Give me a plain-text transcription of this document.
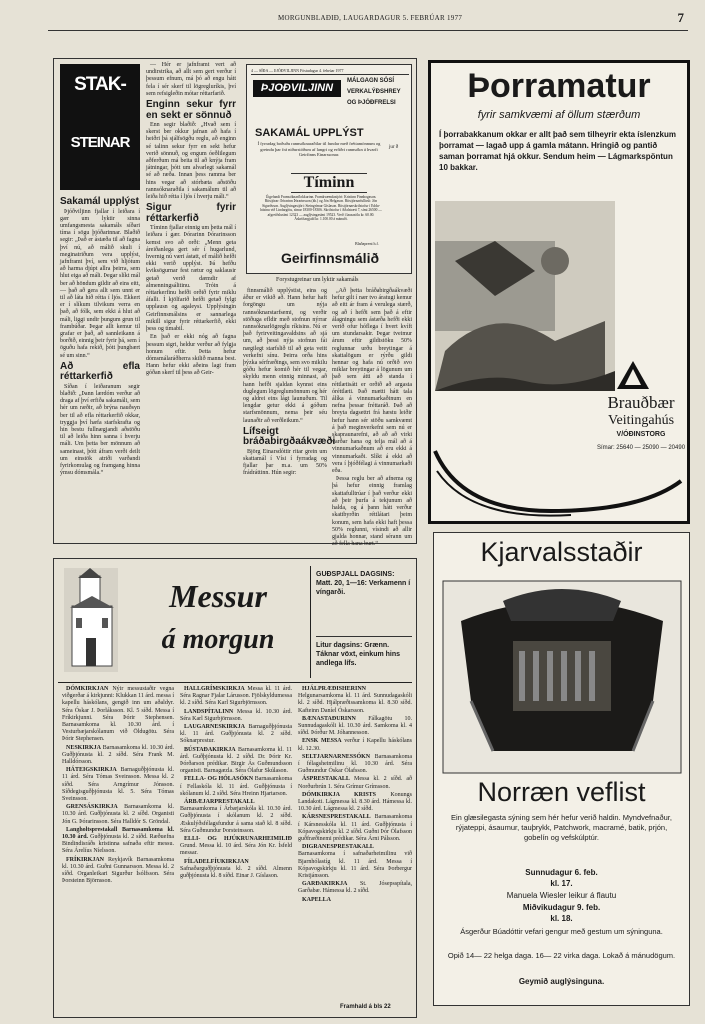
MORGUNBLAÐIÐ, LAUGARDAGUR 5. FEBRÚAR 1977	7
STAK-
STEINAR
Sakamál upplýst

Þjóðviljinn fjallar í leiðara í gær um lyktir sinna umfangsmesta sakamáls síðari tíma í sögu þjóðarinnar. Blaðið segir: „Það er ástæða til að fagna því nú, að málið skuli í meginatriðum vera upplýst, jafnframt því, sem við hljótum að harma djúpt allra þeirra, sem hlut eiga að máli. Þegar slíkt mál ber að höndum gildir að eins eitt, — það að gera allt sem unnt er til að láta hið rétta í ljós. Ekkert er í slíkum tilvikum verra en það, að fólk, sem ekki á hlut að máli, liggi undir þungum grun til frambúðar. Þegar allt kemur til grafar er það, að sannleikann á borðið, einnig þeir fyrir þá, sem í öguðu hafa rekið, þótt þungbært sé um sinn.“

Að efla réttarkerfið

Síðan í leiðaranum segir blaðið: „Þann lærdóm verður að draga af því erfiða sakamáli, sem hér um ræðir, að brýna nauðsyn ber til að efla réttarkerfið okkar, tryggja því hæfa starfskrafta og hin bestu fullnægjandi aðstöðu til að leiða hinn sanna í hverju máli. Um þetta ber mönnum að sameinast, þótt áfram verði deilt um einstök atriði varðandi fyrirkomulag og framgang hinna ýmsu dómsmála.“

— Hér er jafnframt vert að undirstrika, að allt sem gert verður í þessum efnum, má þó að engu hátt fela í sér skerf til lögregluríkis, því sem refsigleðin mótar réttarfarið.

Enginn sekur fyrr en sekt er sönnuð

Enn segir blaðið: „Hvað sem í skerst ber okkur jafnan að hafa í heiðri þá sjálfsögðu reglu, að enginn sé talinn sekur fyrr en sekt hefur verið sönnuð, og engum óeðlilegum aðferðum má beita til að knýja fram játningar, þótt um alvarlegt sakamál sé að ræða. Innan þess ramma ber hins vegar að stórbæta aðstöðu rannsóknaraðila í sakamálum til að leiða hið rétta í ljós í hverju máli.“

Sigur fyrir réttarkerfið

Tíminn fjallar einnig um þetta mál í leiðara í gær. Þórarinn Þórarinsson kemst svo að orði: „Menn geta áreiðanlega gert sér í hugarlund, hvernig nú væri ástatt, ef málið hefði ekki verið upplýst. Þá hefðu kviksögurnar fest rætur og saklausir getað verið dæmdir af almenningsálitinu. Tróin á réttarkerfinu hefði orðið fyrir miklu áfalli. Í kjölfarið hefði getað fylgt upplausn og agaleysi. Upplýsingin Geirfinnsmálsins er sannarlega mikill sigur fyrir réttarkerfið, ekki þess og tímabil.

En það er ekki nóg að fagna þessum sigri, heldur verður að fylgja honum eftir. Þetta hefur dómsmálaráðherra skilið manna best. Hann hefur ekki aðeins lagt fram góðan skerf til þess að Geir-

4 — SÍÐA — ÞJÓÐVILJINN Föstudagur 4. febrúar 1977
ÞJOÐVILJINN
MÁLGAGN SÓSÍ
VERKALÝÐSHREY
OG ÞJÓÐFRELSI
SAKAMÁL UPPLÝST
Í fyrradag boðuðu rannsóknaraðilar til fundar með fréttamönnum og greindu þar frá niðurstöðum af langri og erfiðri rannsókn á hvarfi Geirfinns Einarssonar.
jur ð
Tíminn
Útgefandi Framsóknarflokkurinn. Framkvæmdastjóri: Kristinn Finnbogason. Ritstjórar: Þórarinn Þórarinsson (áb.) og Jón Helgason. Ritstjórnarfulltrúi: Jón Sigurðsson. Auglýsingastjóri: Steingrímur Gíslason. Ritstjórnarskrifstofur í Eddu-húsinu við Lindargötu, símar 18300-18306. Skrifstofur í Aðalstræti 7, sími 26500 — afgreiðslusími 12323 — auglýsingasími 19523. Verð í lausasölu kr. 60.00. Áskriftargjald kr. 1.100.00 á mánuði.
Blaðaprent h.f.
Geirfinnsmálið
Forystugreinar um lyktir sakamáls

finnsmálið upplýstist, eins og áður er vikið að. Hann hefur haft forgöngu um nýja rannsóknarstarfsemi, og verðir stöðuga efldir með stofnun nýrrar rannsóknarlögreglu ríkisins. Nú er það fyrirveitingavaldsins að sjá um, að þessi nýja stofnun fái nægilegt starfslið til að geta veitt verkefni sínu. Þeirra orða hins þýzka sérfræðings, sem svo mikilu góðu hefur komið hér til vegar, skyldu menn einnig minnast, að hann hefði sjaldan kynnst eins duglegum lögreglumönnum og hér og aldrei eins lágt launuðum. Til lengdar getur ekki á góðum starfsmönnum, nema þeir séu launaðir að verðleikum.“

Lífseigt bráðabirgðaákvæði

Björg Einarsdóttir ritar grein um skattamál í Vísi í fyrradag og fjallar þar m.a. um 50% frádráttinn. Hún segir:

„Að þetta bráðabirgðaákvæði hefur gilt í nær tvo áratugi kemur að eitt ár fram á verulega stærð, og að í hefði sem það á eftir álagningu sem ástæða hefði ekki verið ofur hóflega í hvert kvíft um stundarsakir. Þegar tveimur árum eftir gildistöku 50% reglunnar urðu breytingar á skattalögum er rýrðu gildi hennar og hafa nú orðið svo miklar breytingar á lögunum um það sem átti að standa í réttlætisátt er orðið að argasta óréttlæti. Það mætti hátt tala álíka á vinnumarkaðinum en nefna þessar fréttaráð. Það að breyta dagsettri frá hæstu leiðir hefur hann sér stöðu samkvæmt á það meginverkefni sem nú er skapraunarefni, að að að virki varðar hana og telja mál að á vinnumarkaðnum að eru ekki á vinnumarkaði. Slíkt á ekki að vera í þjóðfélagi á vinnumarkaði eða.

Þessa reglu ber að afnema og þá hefur einnig framlag skattafulltrúar í það verður ekki að þeir þurfa á tekjunum að halda, og á þann hátt verður skattbyrðin réttlátari þeim konum, sem hafa ekki haft þessa 50% reglunni, vísindi að allir gjalda honnar, stand sérann um að fella hana burt.“

Þorramatur
fyrir samkvæmi af öllum stærðum
Í þorrabakkanum okkar er allt það sem tilheyrir ekta íslenzkum þorramat — lagað upp á gamla mátann. Hringið og pantið saman þorramat hjá okkur. Sendum heim — Lágmarkspöntun 10 bakkar.
Brauðbær
Veitingahús
V/ÓÐINSTORG
Símar: 25640 — 25090 — 20490
Messur
á morgun
GUÐSPJALL DAGSINS: Matt. 20, 1—16: Verkamenn í víngarði.
Litur dagsins: Grænn. Táknar vöxt, einkum hins andlega lífs.

DÓMKIRKJAN Nýir messustaðir vegna viðgerðar á kirkjunni: Klukkan 11 árd. messa í kapellu háskólans, gengið inn um aðaldyr. Séra Óskar J. Þorláksson. Kl. 5 síðd. Messa í Fríkirkjunni. Séra Þórir Stephensen. Barnasamkoma kl. 10.30 árd. í Vesturbæjarskólanum við Öldugötu. Séra Þórir Stephensen.

NESKIRKJA Barnasamkoma kl. 10.30 árd. Guðþjónusta kl. 2 síðd. Séra Frank M. Halldórsson.

HÁTEIGSKIRKJA Barnaguðþjónusta kl. 11 árd. Séra Tómas Sveinsson. Messa kl. 2 síðd. Séra Arngrímur Jónsson. Síðdegisguðþjónusta kl. 5. Séra Tómas Sveinsson.

GRENSÁSKIRKJA Barnasamkoma kl. 10.30 árd. Guðþjónusta kl. 2 síðd. Organisti Jón G. Þórarinsson. Séra Halldór S. Gröndal.

Langholtsprestakall Barnasamkoma kl. 10.30 árd. Guðþjónusta kl. 2 síðd. Ræðuefna Bindindisráðs kristinna safnaða eftir messu. Séra Árelíus Níelsson.

FRÍKIRKJAN Reykjavík Barnasamkoma kl. 10.30 árd. Guðni Gunnarsson. Messa kl. 2 síðd. Organleikari Sigurður Ísólfsson. Séra Þorsteinn Björnsson.

HALLGRÍMSKIRKJA Messa kl. 11 árd. Séra Ragnar Fjalar Lárusson. Fjölskyldumessa kl. 2 síðd. Séra Karl Sigurbjörnsson.

LANDSPÍTALINN Messa kl. 10.30 árd. Séra Karl Sigurbjörnsson.

LAUGARNESKIRKJA Barnaguðþjónusta kl. 11 árd. Guðþjónusta kl. 2 síðd. Sóknarprestur.

BÚSTAÐAKIRKJA Barnasamkoma kl. 11 árd. Guðþjónusta kl. 2 síðd. Dr. Þórir Kr. Þórðarson prédikar. Birgir Ás Guðmundsson organisti. Barnagæzla. Séra Ólafur Skúlason.

FELLA- OG HÓLASÓKN Barnasamkoma í Fellaskóla kl. 11 árd. Guðþjónusta í skólanum kl. 2 síðd. Séra Hreinn Hjartarson.

ÁRBÆJARPRESTAKALL Barnasamkoma í Árbæjarskóla kl. 10.30 árd. Guðþjónusta í skólanum kl. 2 síðd. Æskulýðsfélagsfundur á sama stað kl. 8 síðd. Séra Guðmundur Þorsteinsson.

ELLI- OG HJÚKRUNARHEIMILIÐ Grund. Messa kl. 10 árd. Séra Jón Kr. Ísfeld messar.

FÍLADELFÍUKIRKJAN Safnaðarguðþjónusta kl. 2 síðd. Almenn guðþjónusta kl. 8 síðd. Einar J. Gíslason.

HJÁLPRÆÐISHERINN Helgunarsamkoma kl. 11 árd. Sunnudagaskóli kl. 2 síðd. Hjálpræðissamkoma kl. 8.30 síðd. Kafteinn Daníel Óskarsson.

BÆNASTAÐURINN Fálkagötu 10. Sunnudagaskóli kl. 10.30 árd. Samkoma kl. 4 síðd. Þórður M. Jóhannesson.

ENSK MESSA verður í Kapellu háskólans kl. 12.30.

SELTJARNARNESSÓKN Barnasamkoma í félagsheimilinu kl. 10.30 árd. Séra Guðmundur Óskar Ólafsson.

ÁSPRESTAKALL Messa kl. 2 síðd. að Norðurbrún 1. Séra Grímur Grímsson.

DÓMKIRKJA KRISTS Konungs Landakoti. Lágmessa kl. 8.30 árd. Hámessa kl. 10.30 árd. Lágmessa kl. 2 síðd.

KÁRSNESPRESTAKALL Barnasamkoma í Kársnesskóla kl. 11 árd. Guðþjónusta í Kópavogskirkju kl. 2 síðd. Guðni Þór Ólafsson guðfræðinemi prédikar. Séra Árni Pálsson.

DIGRANESPRESTAKALL Barnasamkoma í safnaðarheimilinu við Bjarnhólastíg kl. 11 árd. Messa í Kópavogskirkju kl. 11 árd. Séra Þorbergur Kristjánsson.

GARÐAKIRKJA St. Jósepsspítala, Garðabæ. Hámessa kl. 2 síðd.

KAPELLA

Framhald á bls 22
Kjarvalsstaðir
Norræn veflist
Ein glæsilegasta sýning sem hér hefur verið haldin. Myndvefnaður, rýjateppi, ásaumur, tauþrykk, Patchwork, macramé, batik, prjón, gobelín og vefskúlptúr.
Sunnudagur 6. feb.
kl. 17.
Manuela Wiesler leikur á flautu
Miðvikudagur 9. feb.
kl. 18.
Ásgerður Búadóttir vefari gengur með gestum um sýninguna.
Opið 14— 22 helga daga. 16— 22 virka daga. Lokað á mánudögum.
Geymið auglýsinguna.
